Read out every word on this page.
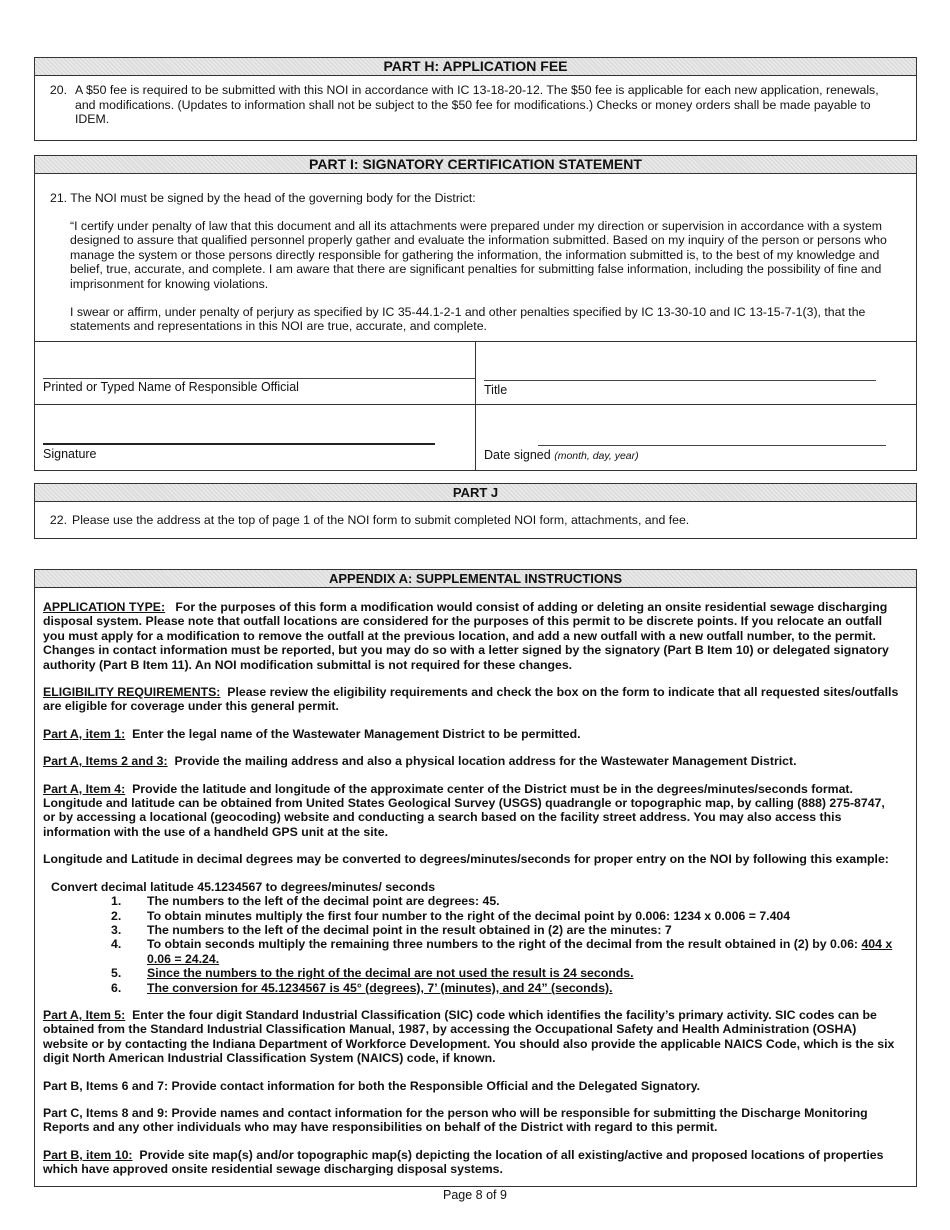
PART H: APPLICATION FEE
20. A $50 fee is required to be submitted with this NOI in accordance with IC 13-18-20-12. The $50 fee is applicable for each new application, renewals, and modifications. (Updates to information shall not be subject to the $50 fee for modifications.) Checks or money orders shall be made payable to IDEM.
PART I: SIGNATORY CERTIFICATION STATEMENT
21. The NOI must be signed by the head of the governing body for the District:
“I certify under penalty of law that this document and all its attachments were prepared under my direction or supervision in accordance with a system designed to assure that qualified personnel properly gather and evaluate the information submitted. Based on my inquiry of the person or persons who manage the system or those persons directly responsible for gathering the information, the information submitted is, to the best of my knowledge and belief, true, accurate, and complete. I am aware that there are significant penalties for submitting false information, including the possibility of fine and imprisonment for knowing violations.
I swear or affirm, under penalty of perjury as specified by IC 35-44.1-2-1 and other penalties specified by IC 13-30-10 and IC 13-15-7-1(3), that the statements and representations in this NOI are true, accurate, and complete.
Printed or Typed Name of Responsible Official	Title
Signature	Date signed (month, day, year)
PART J
22. Please use the address at the top of page 1 of the NOI form to submit completed NOI form, attachments, and fee.
APPENDIX A: SUPPLEMENTAL INSTRUCTIONS

APPLICATION TYPE: For the purposes of this form a modification would consist of adding or deleting an onsite residential sewage discharging disposal system. Please note that outfall locations are considered for the purposes of this permit to be discrete points. If you relocate an outfall you must apply for a modification to remove the outfall at the previous location, and add a new outfall with a new outfall number, to the permit. Changes in contact information must be reported, but you may do so with a letter signed by the signatory (Part B Item 10) or delegated signatory authority (Part B Item 11). An NOI modification submittal is not required for these changes.

ELIGIBILITY REQUIREMENTS: Please review the eligibility requirements and check the box on the form to indicate that all requested sites/outfalls are eligible for coverage under this general permit.

Part A, item 1: Enter the legal name of the Wastewater Management District to be permitted.

Part A, Items 2 and 3: Provide the mailing address and also a physical location address for the Wastewater Management District.

Part A, Item 4: Provide the latitude and longitude of the approximate center of the District must be in the degrees/minutes/seconds format. Longitude and latitude can be obtained from United States Geological Survey (USGS) quadrangle or topographic map, by calling (888) 275-8747, or by accessing a locational (geocoding) website and conducting a search based on the facility street address. You may also access this information with the use of a handheld GPS unit at the site.

Longitude and Latitude in decimal degrees may be converted to degrees/minutes/seconds for proper entry on the NOI by following this example:

Convert decimal latitude 45.1234567 to degrees/minutes/ seconds
1.	The numbers to the left of the decimal point are degrees: 45.
2.	To obtain minutes multiply the first four number to the right of the decimal point by 0.006: 1234 x 0.006 = 7.404
3.	The numbers to the left of the decimal point in the result obtained in (2) are the minutes: 7
4.	To obtain seconds multiply the remaining three numbers to the right of the decimal from the result obtained in (2) by 0.06: 404 x 0.06 = 24.24.
5.	Since the numbers to the right of the decimal are not used the result is 24 seconds.
6.	The conversion for 45.1234567 is 45° (degrees), 7’ (minutes), and 24” (seconds).

Part A, Item 5: Enter the four digit Standard Industrial Classification (SIC) code which identifies the facility’s primary activity. SIC codes can be obtained from the Standard Industrial Classification Manual, 1987, by accessing the Occupational Safety and Health Administration (OSHA) website or by contacting the Indiana Department of Workforce Development. You should also provide the applicable NAICS Code, which is the six digit North American Industrial Classification System (NAICS) code, if known.

Part B, Items 6 and 7: Provide contact information for both the Responsible Official and the Delegated Signatory.

Part C, Items 8 and 9: Provide names and contact information for the person who will be responsible for submitting the Discharge Monitoring Reports and any other individuals who may have responsibilities on behalf of the District with regard to this permit.

Part B, item 10: Provide site map(s) and/or topographic map(s) depicting the location of all existing/active and proposed locations of properties which have approved onsite residential sewage discharging disposal systems.

Page 8 of 9
